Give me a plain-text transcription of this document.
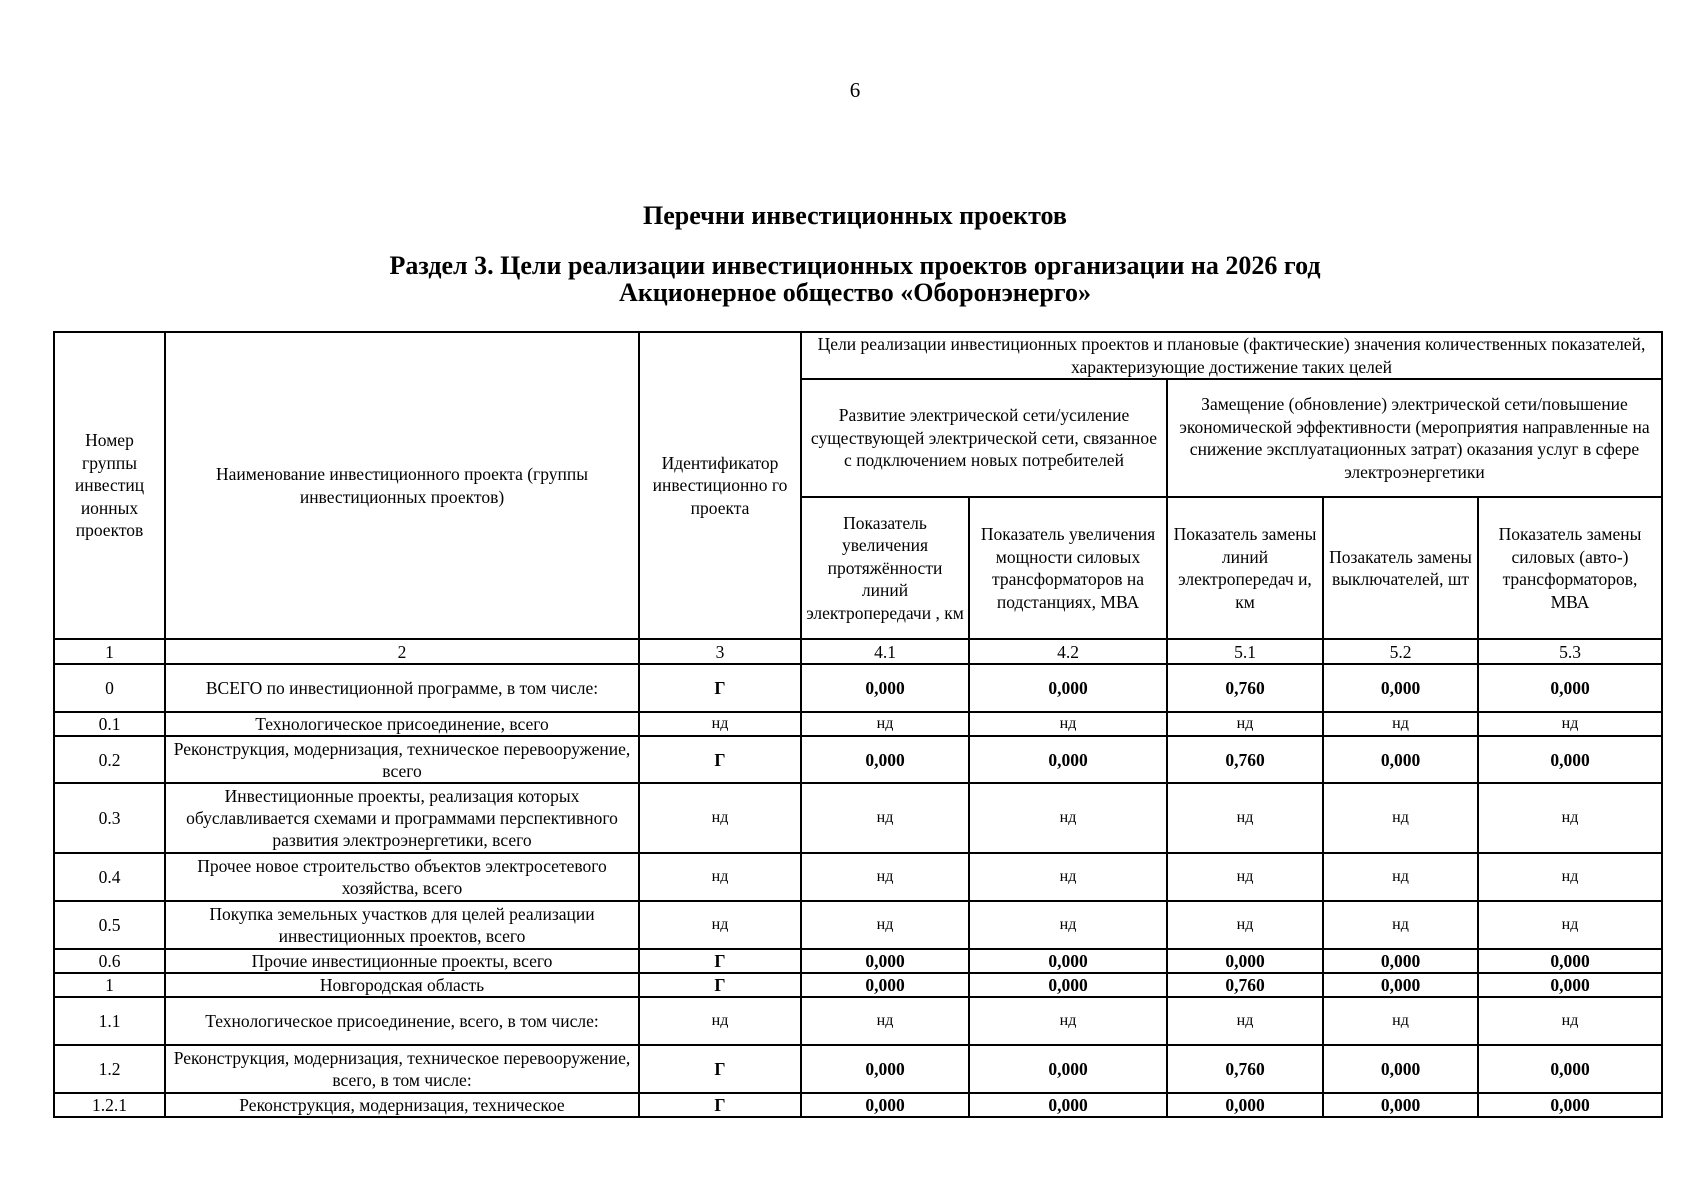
6
Перечни инвестиционных проектов
Раздел 3. Цели реализации инвестиционных проектов организации на 2026 год
Акционерное общество «Оборонэнерго»
Номер группы инвестиц ионных проектов	Наименование инвестиционного проекта (группы инвестиционных проектов)	Идентификатор инвестиционно го проекта	Цели реализации инвестиционных проектов и плановые (фактические) значения количественных показателей, характеризующие достижение таких целей				
			Развитие электрической сети/усиление существующей электрической сети, связанное с подключением новых потребителей		Замещение (обновление) электрической сети/повышение экономической эффективности (мероприятия направленные на снижение эксплуатационных затрат) оказания услуг в сфере электроэнергетики		
			Показатель увеличения протяжённости линий электропередачи , км	Показатель увеличения мощности силовых трансформаторов на подстанциях, МВА	Показатель замены линий электропередач и, км	Позакатель замены выключателей, шт	Показатель замены силовых (авто-) трансформаторов, МВА
1	2	3	4.1	4.2	5.1	5.2	5.3
0	ВСЕГО по инвестиционной программе, в том числе:	Г	0,000	0,000	0,760	0,000	0,000
0.1	Технологическое присоединение, всего	нд	нд	нд	нд	нд	нд
0.2	Реконструкция, модернизация, техническое перевооружение, всего	Г	0,000	0,000	0,760	0,000	0,000
0.3	Инвестиционные проекты, реализация которых обуславливается схемами и программами перспективного развития электроэнергетики, всего	нд	нд	нд	нд	нд	нд
0.4	Прочее новое строительство объектов электросетевого хозяйства, всего	нд	нд	нд	нд	нд	нд
0.5	Покупка земельных участков для целей реализации инвестиционных проектов, всего	нд	нд	нд	нд	нд	нд
0.6	Прочие инвестиционные проекты, всего	Г	0,000	0,000	0,000	0,000	0,000
1	Новгородская область	Г	0,000	0,000	0,760	0,000	0,000
1.1	Технологическое присоединение, всего, в том числе:	нд	нд	нд	нд	нд	нд
1.2	Реконструкция, модернизация, техническое перевооружение, всего, в том числе:	Г	0,000	0,000	0,760	0,000	0,000
1.2.1	Реконструкция, модернизация, техническое	Г	0,000	0,000	0,000	0,000	0,000
